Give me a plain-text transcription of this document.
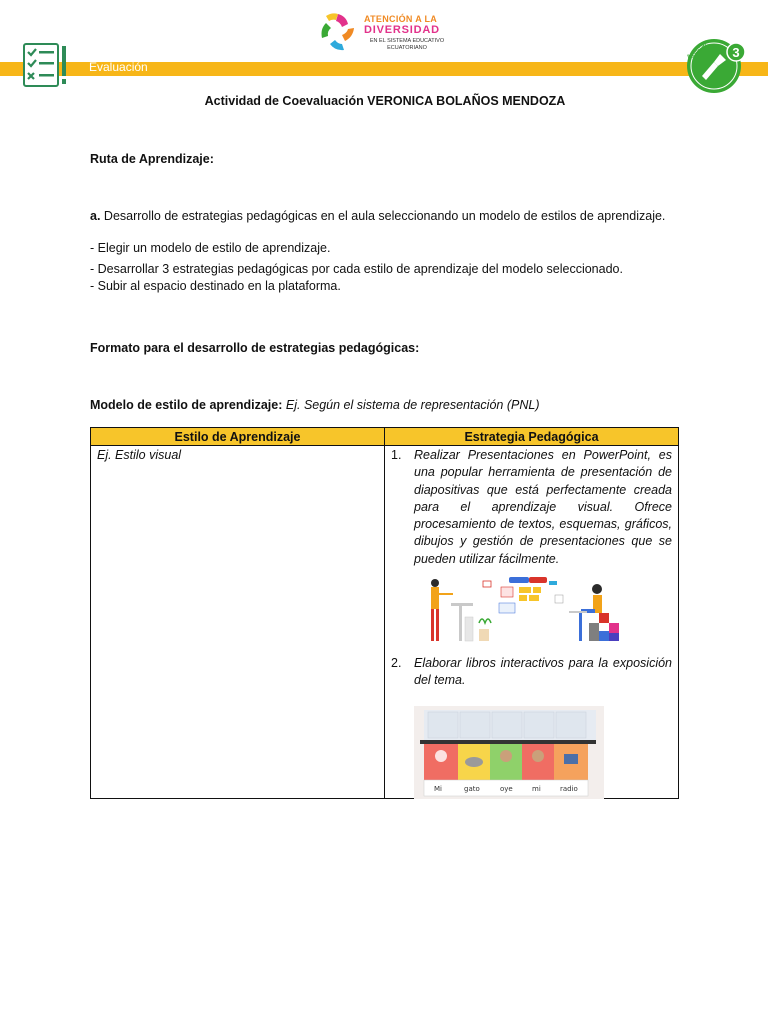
Evaluación
ATENCIÓN A LA
DIVERSIDAD
EN EL SISTEMA EDUCATIVO ECUATORIANO	3
Aplicar
Actividad de Coevaluación VERONICA BOLAÑOS MENDOZA
Ruta de Aprendizaje:
a. Desarrollo de estrategias pedagógicas en el aula seleccionando un modelo de estilos de aprendizaje.
- Elegir un modelo de estilo de aprendizaje.
- Desarrollar 3 estrategias pedagógicas por cada estilo de aprendizaje del modelo seleccionado.
- Subir al espacio destinado en la plataforma.
Formato para el desarrollo de estrategias pedagógicas:
Modelo de estilo de aprendizaje: Ej. Según el sistema de representación (PNL)
Estilo de Aprendizaje	Estrategia Pedagógica
Ej. Estilo visual	1. Realizar Presentaciones en PowerPoint, es una popular herramienta de presentación de diapositivas que está perfectamente creada para el aprendizaje visual. Ofrece procesamiento de textos, esquemas, gráficos, dibujos y gestión de presentaciones que se pueden utilizar fácilmente.
2. Elaborar libros interactivos para la exposición del tema.
Mi	gato	oye	mi	radio
